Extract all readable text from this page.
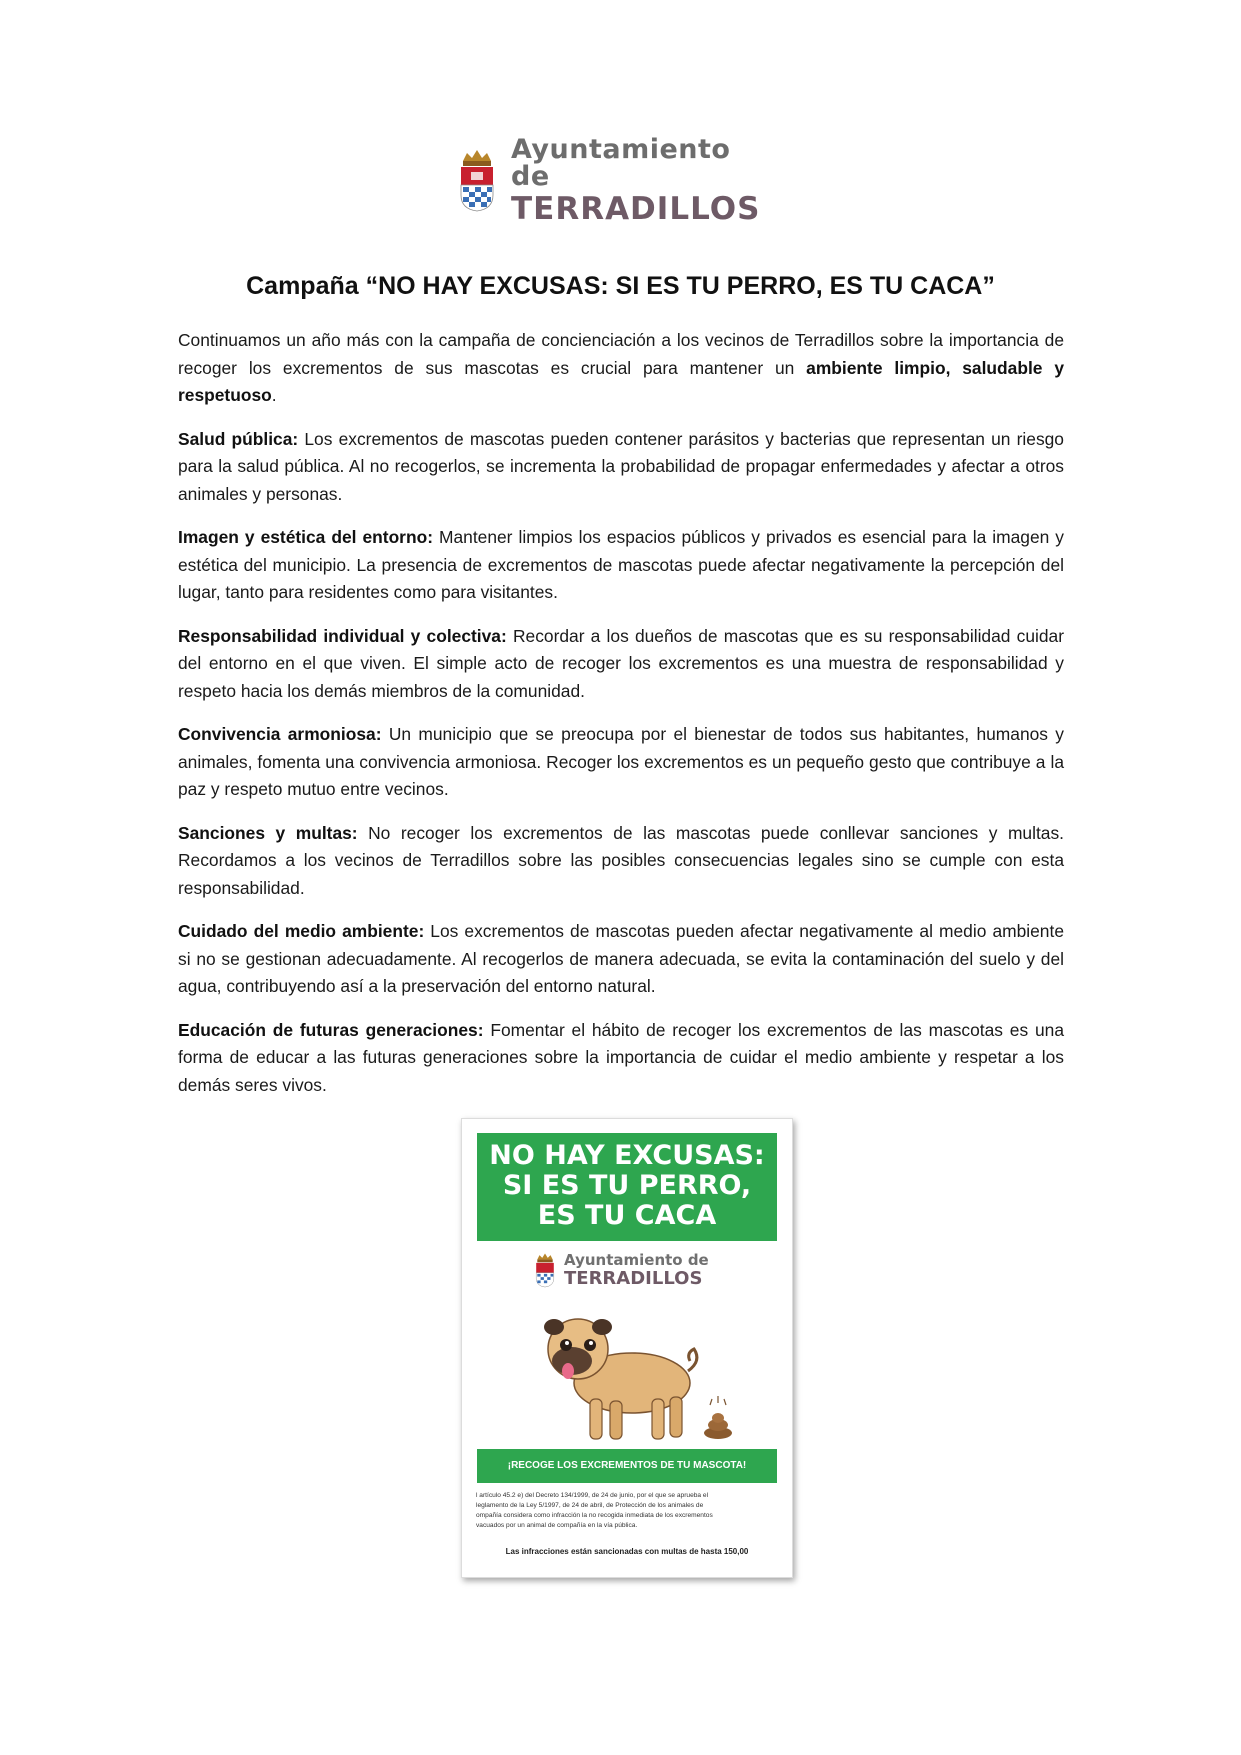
Ayuntamiento de
TERRADILLOS
Campaña “NO HAY EXCUSAS: SI ES TU PERRO, ES TU CACA”

Continuamos un año más con la campaña de concienciación a los vecinos de Terradillos sobre la importancia de recoger los excrementos de sus mascotas es crucial para mantener un ambiente limpio, saludable y respetuoso.

Salud pública: Los excrementos de mascotas pueden contener parásitos y bacterias que representan un riesgo para la salud pública. Al no recogerlos, se incrementa la probabilidad de propagar enfermedades y afectar a otros animales y personas.

Imagen y estética del entorno: Mantener limpios los espacios públicos y privados es esencial para la imagen y estética del municipio. La presencia de excrementos de mascotas puede afectar negativamente la percepción del lugar, tanto para residentes como para visitantes.

Responsabilidad individual y colectiva: Recordar a los dueños de mascotas que es su responsabilidad cuidar del entorno en el que viven. El simple acto de recoger los excrementos es una muestra de responsabilidad y respeto hacia los demás miembros de la comunidad.

Convivencia armoniosa: Un municipio que se preocupa por el bienestar de todos sus habitantes, humanos y animales, fomenta una convivencia armoniosa. Recoger los excrementos es un pequeño gesto que contribuye a la paz y respeto mutuo entre vecinos.

Sanciones y multas: No recoger los excrementos de las mascotas puede conllevar sanciones y multas. Recordamos a los vecinos de Terradillos sobre las posibles consecuencias legales sino se cumple con esta responsabilidad.

Cuidado del medio ambiente: Los excrementos de mascotas pueden afectar negativamente al medio ambiente si no se gestionan adecuadamente. Al recogerlos de manera adecuada, se evita la contaminación del suelo y del agua, contribuyendo así a la preservación del entorno natural.

Educación de futuras generaciones: Fomentar el hábito de recoger los excrementos de las mascotas es una forma de educar a las futuras generaciones sobre la importancia de cuidar el medio ambiente y respetar a los demás seres vivos.

NO HAY EXCUSAS:
SI ES TU PERRO,
ES TU CACA
Ayuntamiento de
TERRADILLOS
¡RECOGE LOS EXCREMENTOS DE TU MASCOTA!
l artículo 45.2 e) del Decreto 134/1999, de 24 de junio, por el que se aprueba el
leglamento de la Ley 5/1997, de 24 de abril, de Protección de los animales de
ompañía considera como infracción la no recogida inmediata de los excrementos
vacuados por un animal de compañía en la vía pública.
Las infracciones están sancionadas con multas de hasta 150,00
